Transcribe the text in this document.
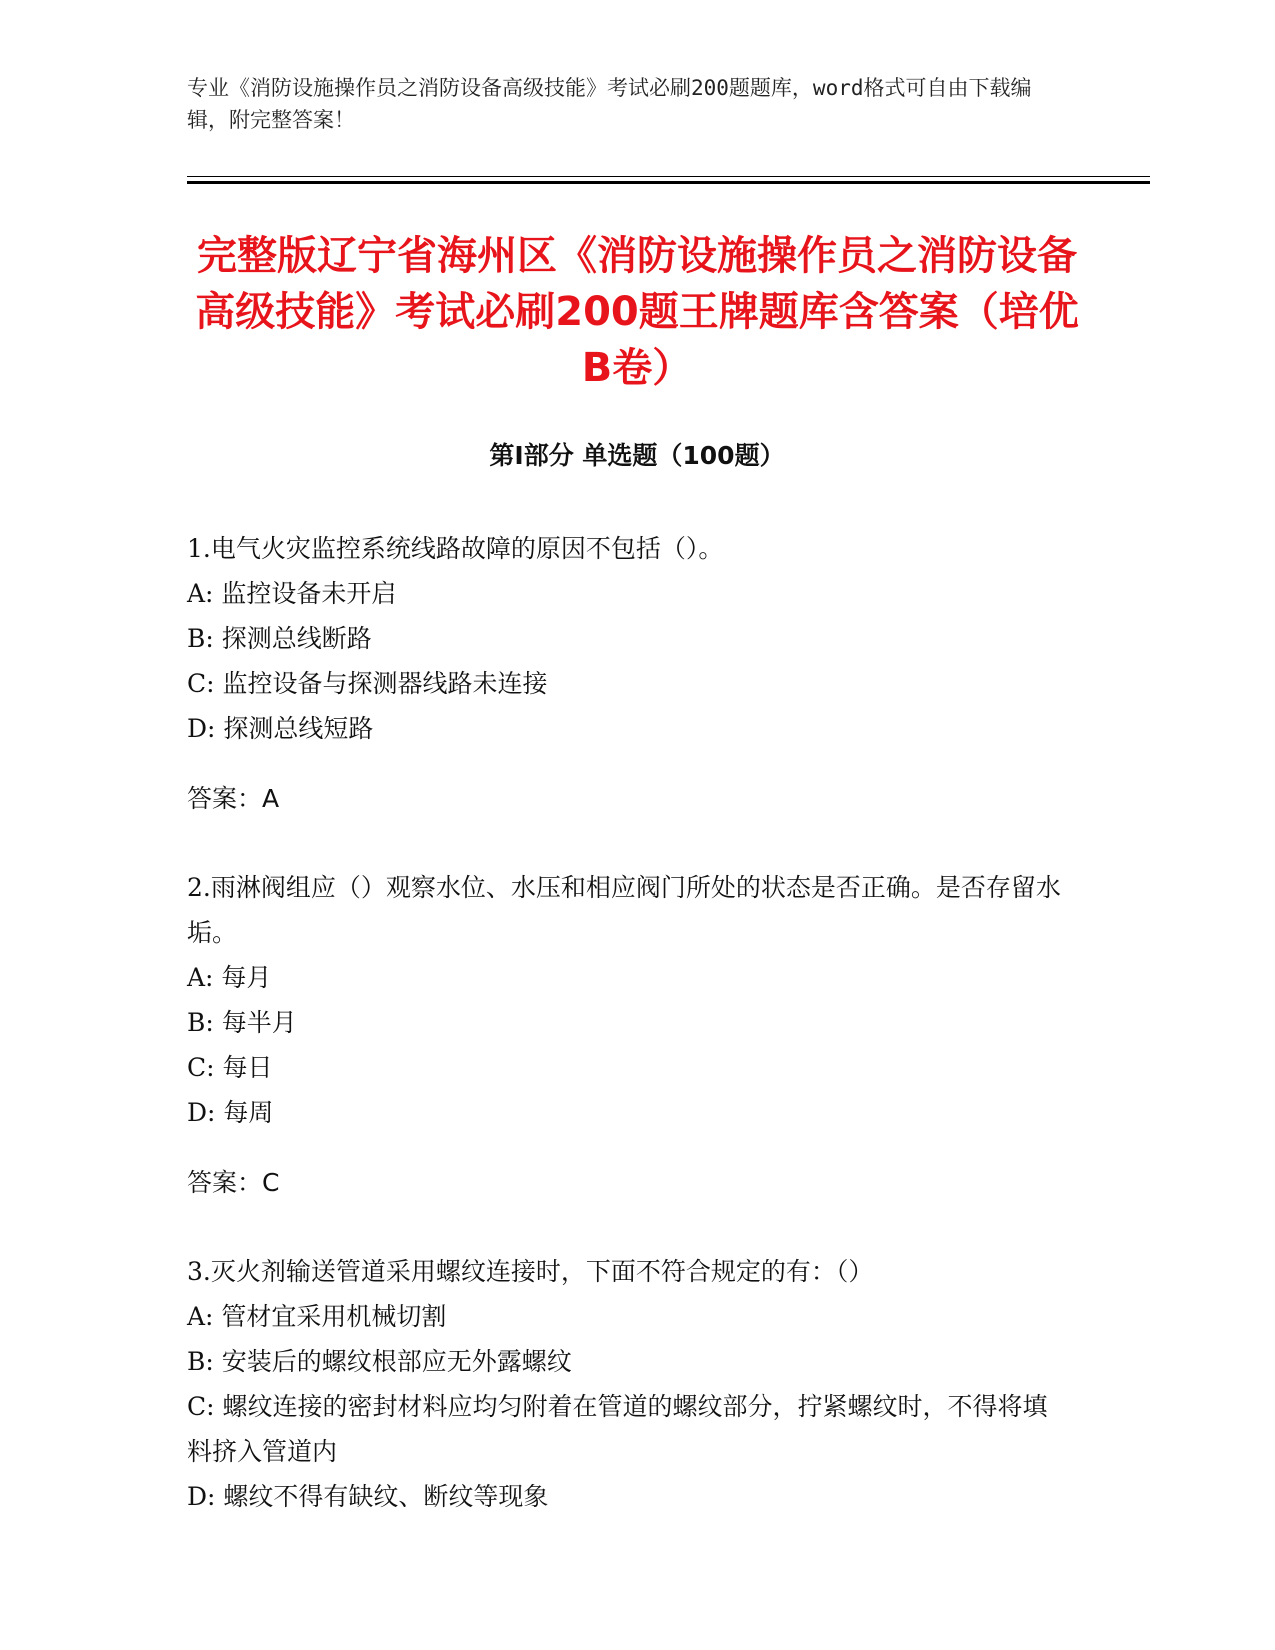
专业《消防设施操作员之消防设备高级技能》考试必刷200题题库，word格式可自由下载编辑，附完整答案！
完整版辽宁省海州区《消防设施操作员之消防设备高级技能》考试必刷200题王牌题库含答案（培优B卷）
第Ⅰ部分 单选题（100题）

1.电气火灾监控系统线路故障的原因不包括（）。

A: 监控设备未开启

B: 探测总线断路

C: 监控设备与探测器线路未连接

D: 探测总线短路

答案：A

2.雨淋阀组应（）观察水位、水压和相应阀门所处的状态是否正确。是否存留水垢。

A: 每月

B: 每半月

C: 每日

D: 每周

答案：C

3.灭火剂输送管道采用螺纹连接时，下面不符合规定的有：（）

A: 管材宜采用机械切割

B: 安装后的螺纹根部应无外露螺纹

C: 螺纹连接的密封材料应均匀附着在管道的螺纹部分，拧紧螺纹时，不得将填料挤入管道内

D: 螺纹不得有缺纹、断纹等现象
